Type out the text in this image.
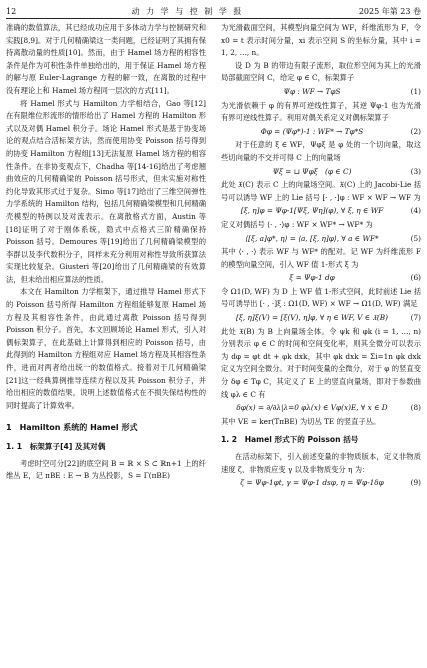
12	动 力 学 与 控 制 学 报	2025 年第 23 卷

准确的数值算法，其已经成功应用于多体动力学与控制研究和实践[8,9]。对于几何精确梁这一类问题，已经证明了其拥有保持离散动量的性质[10]。然而，由于 Hamel 场方程的相容性条件是作为可积性条件单独给出的，用于保证 Hamel 场方程的解与原 Euler-Lagrange 方程的解一致，在离散的过程中没有理论上和 Hamel 场方程同一层次的方式[11]。

将 Hamel 形式与 Hamilton 力学相结合，Gao 等[12]在有限维位形流形的情形给出了 Hamel 方程的 Hamilton 形式以及对偶 Hamel 积分子。场论 Hamel 形式是基于协变场论的观点结合活标架方法，然而使用协变 Poisson 括号得到的协变 Hamilton 方程组[13]无法复原 Hamel 场方程的相容性条件。在非协变观点下，Chadha 等[14-16]给出了考虑翘曲效应的几何精确梁的 Poisson 括号形式，但未实施对称性约化导致其形式过于复杂。Simo 等[17]给出了三维空间弹性力学系统的 Hamilton 结构，包括几何精确梁模型和几何精确壳模型的特例以及对流表示。在离散格式方面，Austin 等[18]证明了对于刚体系统，隐式中点格式三阶精确保持 Poisson 括号。Demoures 等[19]给出了几何精确梁模型的李群以及李代数积分子，同样未充分利用对称性导致所获算法实现比较复杂。Giusteri 等[20]给出了几何精确梁的有效算法，但未给出相应算法的性质。

本文在 Hamilton 力学框架下，通过推导 Hamel 形式下的 Poisson 括号所得 Hamilton 方程组能够复原 Hamel 场方程及其相容性条件，由此通过离散 Poisson 括号得到 Poisson 积分子。首先，本文回顾场论 Hamel 形式，引入对偶标架算子，在此基础上计算得到相应的 Poisson 括号，由此得到的 Hamilton 方程组对应 Hamel 场方程及其相容性条件，进而对两者给出统一的数值格式。接着对于几何精确梁[21]这一经典算例推导连续方程以及其 Poisson 积分子，并给出相应的数值结果，说明上述数值格式在不损失保结构性的同时提高了计算效率。

1　Hamilton 系统的 Hamel 形式
1. 1　标架算子[4] 及其对偶

考虑时空可分[22]的底空间 B = ℝ × S ⊂ ℝn+1 上的纤维丛 E，记 πBE : E → B 为丛投影，S = Γ(πBE)

为光滑截面空间，其模型向量空间为 WF，纤维流形为 F，令 x0 = t 表示时间分量，xi 表示空间 S 的坐标分量，其中 i = 1, 2, …, n。

设 D 为 B 的带边有限子流形，取位形空间为其上的光滑局部截面空间 C，给定 φ ∈ C，标架算子

Ψφ : WF → TφS	(1)

为光滑依赖于 φ 的有界可逆线性算子，其逆 Ψφ-1 也为光滑有界可逆线性算子。利用对偶关系定义对偶标架算子

Φφ = (Ψφ*)-1 : WF* → Tφ*S	(2)

对于任意的 ξ ∈ WF，Ψφξ 是 φ 处的一个切向量，取这些切向量的不交并可得 C 上的向量场

Ψξ = ⊔ Ψφξ　(φ ∈ C)	(3)

此处 𝔛(C) 表示 C 上的向量场空间。𝔛(C) 上的 Jacobi-Lie 括号可以诱导 WF 上的 Lie 括号 [· , ·]φ : WF × WF → WF 为

[ξ, η]φ = Ψφ-1[Ψξ, Ψη](φ), ∀ ξ, η ∈ WF	(4)

定义对偶括号 ⟨· , ·⟩φ : WF × WF* → WF* 为

⟨[ξ, a]φ*, η⟩ = ⟨a, [ξ, η]φ⟩, ∀ a ∈ WF*	(5)

其中 ⟨· , ·⟩ 表示 WF 与 WF* 的配对。记 WF 为纤维流形 F 的模型向量空间，引入 WF 值 1-形式 ξ 为

ξ = Ψφ-1 dφ	(6)

令 Ω1(D, WF) 为 D 上 WF 值 1-形式空间，此时前述 Lie 括号可诱导出 [· , ·]ξ : Ω1(D, WF) × WF → Ω1(D, WF) 满足

[ξ, η]ξ(V) = [ξ(V), η]φ, ∀ η ∈ WF, V ∈ 𝔛(B)	(7)

此处 𝔛(B) 为 B 上向量场全体。令 ψk 和 φk (i = 1, …, n) 分别表示 φ ∈ C 的时间和空间变化率，则其全微分可以表示为 dφ = φt dt + φk dxk，其中 φk dxk = Σi=1n φk dxk 定义为空间全微分。对于时间变量的全微分，对于 φ 的竖直变分 δφ ∈ Tφ C，其定义了 E 上的竖直向量场，即对于参数曲线 φλ ∈ C 有

δφ(x) = ∂/∂λ|λ=0 φλ(x) ∈ Vφ(x)E, ∀ x ∈ D	(8)

其中 VE = ker(TπBE) 为切丛 TE 的竖直子丛。

1. 2　Hamel 形式下的 Poisson 括号

在活动标架下，引入前述变量的非物质版本，定义非物质速度 ζ、非物质应变 γ 以及非物质变分 η 为：

ζ = Ψφ-1φt, γ = Ψφ-1 dsφ, η = Ψφ-1δφ	(9)
